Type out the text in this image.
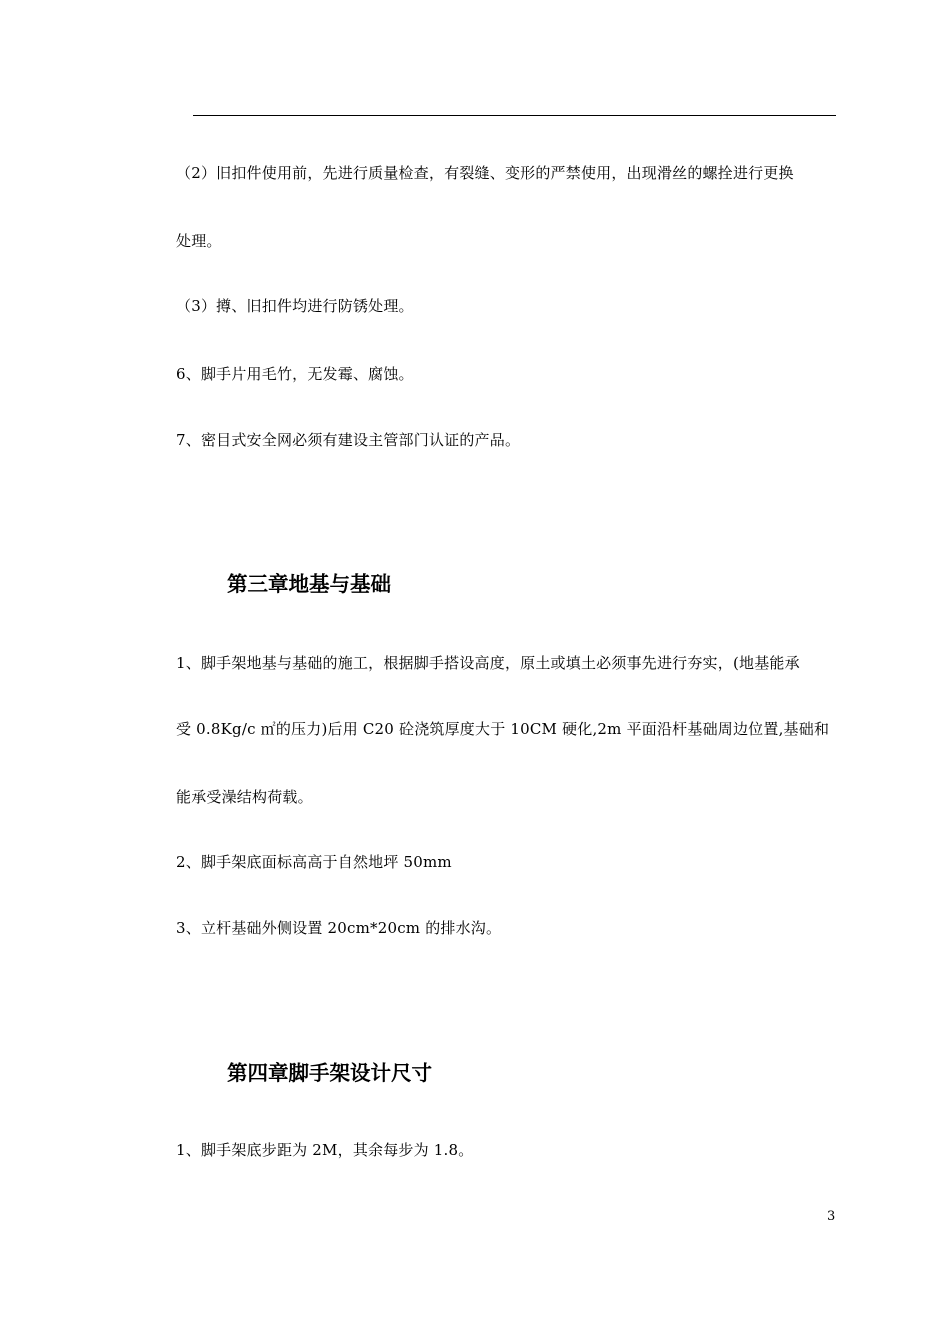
（2）旧扣件使用前，先进行质量检查，有裂缝、变形的严禁使用，出现滑丝的螺拴进行更换
处理。
（3）撙、旧扣件均进行防锈处理。
6、脚手片用毛竹，无发霉、腐蚀。
7、密目式安全网必须有建设主管部门认证的产品。
第三章地基与基础
1、脚手架地基与基础的施工，根据脚手搭设高度，原土或填土必须事先进行夯实，(地基能承
受 0.8Kg/c ㎡的压力)后用 C20 砼浇筑厚度大于 10CM 硬化,2m 平面沿杆基础周边位置,基础和
能承受澡结构荷载。
2、脚手架底面标高高于自然地坪 50mm
3、立杆基础外侧设置 20cm*20cm 的排水沟。
第四章脚手架设计尺寸
1、脚手架底步距为 2M，其余每步为 1.8。
3
